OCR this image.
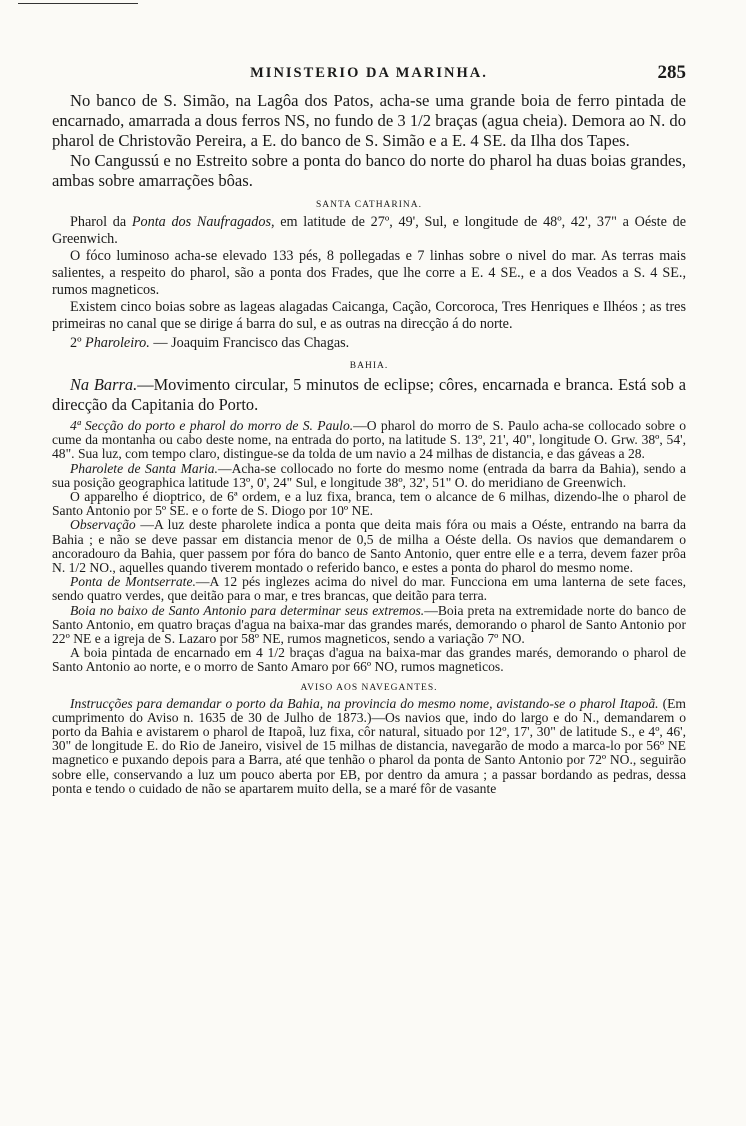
MINISTERIO DA MARINHA.	285

No banco de S. Simão, na Lagôa dos Patos, acha-se uma grande boia de ferro pintada de encarnado, amarrada a dous ferros NS, no fundo de 3 1/2 braças (agua cheia). Demora ao N. do pharol de Christovão Pereira, a E. do banco de S. Simão e a E. 4 SE. da Ilha dos Tapes.

No Cangussú e no Estreito sobre a ponta do banco do norte do pharol ha duas boias grandes, ambas sobre amarrações bôas.

SANTA CATHARINA.

Pharol da Ponta dos Naufragados, em latitude de 27º, 49', Sul, e longitude de 48º, 42', 37" a Oéste de Greenwich.

O fóco luminoso acha-se elevado 133 pés, 8 pollegadas e 7 linhas sobre o nivel do mar. As terras mais salientes, a respeito do pharol, são a ponta dos Frades, que lhe corre a E. 4 SE., e a dos Veados a S. 4 SE., rumos magneticos.

Existem cinco boias sobre as lageas alagadas Caicanga, Cação, Corcoroca, Tres Henriques e Ilhéos ; as tres primeiras no canal que se dirige á barra do sul, e as outras na direcção á do norte.

2º Pharoleiro. — Joaquim Francisco das Chagas.

BAHIA.

Na Barra.—Movimento circular, 5 minutos de eclipse; côres, encarnada e branca. Está sob a direcção da Capitania do Porto.

4ª Secção do porto e pharol do morro de S. Paulo.—O pharol do morro de S. Paulo acha-se collocado sobre o cume da montanha ou cabo deste nome, na entrada do porto, na latitude S. 13º, 21', 40", longitude O. Grw. 38º, 54', 48". Sua luz, com tempo claro, distingue-se da tolda de um navio a 24 milhas de distancia, e das gáveas a 28.

Pharolete de Santa Maria.—Acha-se collocado no forte do mesmo nome (entrada da barra da Bahia), sendo a sua posição geographica latitude 13º, 0', 24" Sul, e longitude 38º, 32', 51" O. do meridiano de Greenwich.

O apparelho é dioptrico, de 6ª ordem, e a luz fixa, branca, tem o alcance de 6 milhas, dizendo-lhe o pharol de Santo Antonio por 5º SE. e o forte de S. Diogo por 10º NE.

Observação —A luz deste pharolete indica a ponta que deita mais fóra ou mais a Oéste, entrando na barra da Bahia ; e não se deve passar em distancia menor de 0,5 de milha a Oéste della. Os navios que demandarem o ancoradouro da Bahia, quer passem por fóra do banco de Santo Antonio, quer entre elle e a terra, devem fazer prôa N. 1/2 NO., aquelles quando tiverem montado o referido banco, e estes a ponta do pharol do mesmo nome.

Ponta de Montserrate.—A 12 pés inglezes acima do nivel do mar. Funcciona em uma lanterna de sete faces, sendo quatro verdes, que deitão para o mar, e tres brancas, que deitão para terra.

Boia no baixo de Santo Antonio para determinar seus extremos.—Boia preta na extremidade norte do banco de Santo Antonio, em quatro braças d'agua na baixa-mar das grandes marés, demorando o pharol de Santo Antonio por 22º NE e a igreja de S. Lazaro por 58º NE, rumos magneticos, sendo a variação 7º NO.

A boia pintada de encarnado em 4 1/2 braças d'agua na baixa-mar das grandes marés, demorando o pharol de Santo Antonio ao norte, e o morro de Santo Amaro por 66º NO, rumos magneticos.

AVISO AOS NAVEGANTES.

Instrucções para demandar o porto da Bahia, na provincia do mesmo nome, avistando-se o pharol Itapoã. (Em cumprimento do Aviso n. 1635 de 30 de Julho de 1873.)—Os navios que, indo do largo e do N., demandarem o porto da Bahia e avistarem o pharol de Itapoã, luz fixa, côr natural, situado por 12º, 17', 30" de latitude S., e 4º, 46', 30" de longitude E. do Rio de Janeiro, visivel de 15 milhas de distancia, navegarão de modo a marca-lo por 56º NE magnetico e puxando depois para a Barra, até que tenhão o pharol da ponta de Santo Antonio por 72º NO., seguirão sobre elle, conservando a luz um pouco aberta por EB, por dentro da amura ; a passar bordando as pedras, dessa ponta e tendo o cuidado de não se apartarem muito della, se a maré fôr de vasante
